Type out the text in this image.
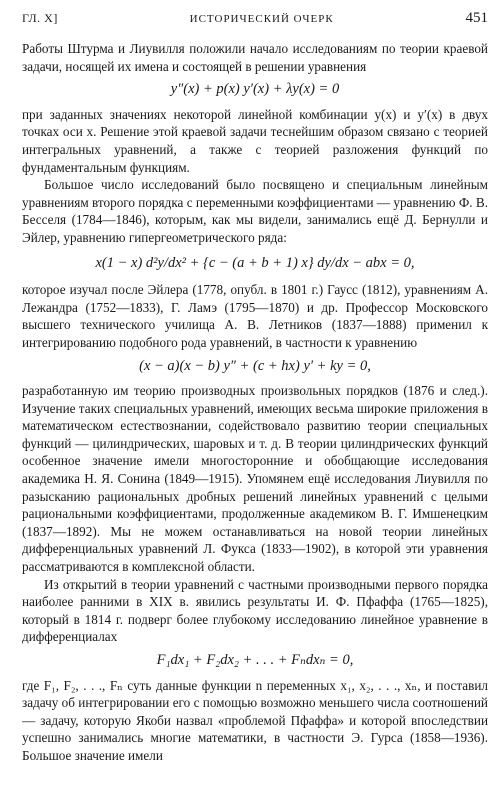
ГЛ. X]	ИСТОРИЧЕСКИЙ ОЧЕРК	451

Работы Штурма и Лиувилля положили начало исследованиям по теории краевой задачи, носящей их имена и состоящей в решении уравнения

y″(x) + p(x) y′(x) + λy(x) = 0

при заданных значениях некоторой линейной комбинации y(x) и y′(x) в двух точках оси x. Решение этой краевой задачи теснейшим образом связано с теорией интегральных уравнений, а также с теорией разложения функций по фундаментальным функциям.

Большое число исследований было посвящено и специальным линейным уравнениям второго порядка с переменными коэффициентами — уравнению Ф. В. Бесселя (1784—1846), которым, как мы видели, занимались ещё Д. Бернулли и Эйлер, уравнению гипергеометрического ряда:

x(1 − x) d²y/dx² + {c − (a + b + 1) x} dy/dx − abx = 0,

которое изучал после Эйлера (1778, опубл. в 1801 г.) Гаусс (1812), уравнениям А. Лежандра (1752—1833), Г. Ламэ (1795—1870) и др. Профессор Московского высшего технического училища А. В. Летников (1837—1888) применил к интегрированию подобного рода уравнений, в частности к уравнению

(x − a)(x − b) y″ + (c + hx) y′ + ky = 0,

разработанную им теорию производных произвольных порядков (1876 и след.). Изучение таких специальных уравнений, имеющих весьма широкие приложения в математическом естествознании, содействовало развитию теории специальных функций — цилиндрических, шаровых и т. д. В теории цилиндрических функций особенное значение имели многосторонние и обобщающие исследования академика Н. Я. Сонина (1849—1915). Упомянем ещё исследования Лиувилля по разысканию рациональных дробных решений линейных уравнений с целыми рациональными коэффициентами, продолженные академиком В. Г. Имшенецким (1837—1892). Мы не можем останавливаться на новой теории линейных дифференциальных уравнений Л. Фукса (1833—1902), в которой эти уравнения рассматриваются в комплексной области.

Из открытий в теории уравнений с частными производными первого порядка наиболее ранними в XIX в. явились результаты И. Ф. Пфаффа (1765—1825), который в 1814 г. подверг более глубокому исследованию линейное уравнение в дифференциалах

F₁dx₁ + F₂dx₂ + . . . + Fₙdxₙ = 0,

где F₁, F₂, . . ., Fₙ суть данные функции n переменных x₁, x₂, . . ., xₙ, и поставил задачу об интегрировании его с помощью возможно меньшего числа соотношений — задачу, которую Якоби назвал «проблемой Пфаффа» и которой впоследствии успешно занимались многие математики, в частности Э. Гурса (1858—1936). Большое значение имели
